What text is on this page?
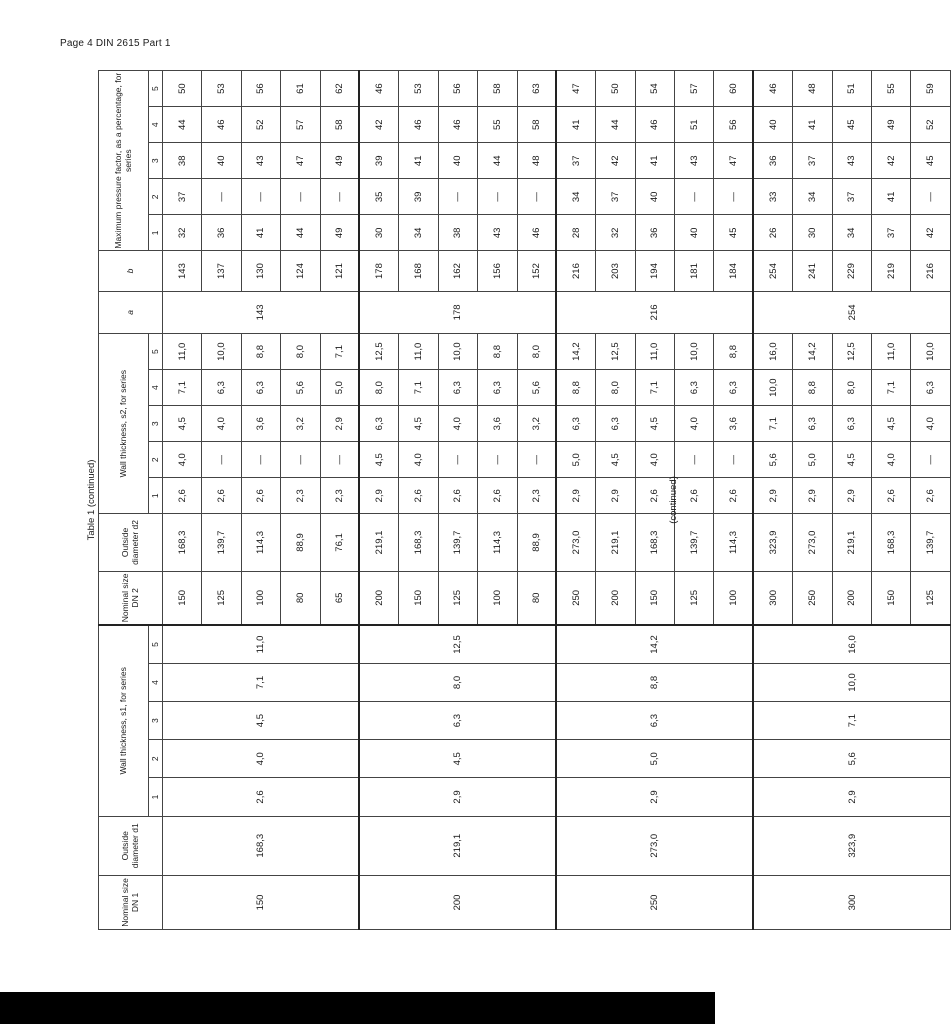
Page 4 DIN 2615 Part 1
Table 1 (continued)
Nominal size DN 1	Outside diameter d1	Wall thickness, s1, for series					Nominal size DN 2	Outside diameter d2	Wall thickness, s2, for series					a	b	Maximum pressure factor, as a percentage, for series				
		1	2	3	4	5			1	2	3	4	5			1	2	3	4	5
150	168,3	2,6	4,0	4,5	7,1	11,0	150	168,3	2,6	4,0	4,5	7,1	11,0	143	143	32	37	38	44	50
							125	139,7	2,6	—	4,0	6,3	10,0		137	36	—	40	46	53
							100	114,3	2,6	—	3,6	6,3	8,8		130	41	—	43	52	56
							80	88,9	2,3	—	3,2	5,6	8,0		124	44	—	47	57	61
							65	76,1	2,3	—	2,9	5,0	7,1		121	49	—	49	58	62
200	219,1	2,9	4,5	6,3	8,0	12,5	200	219,1	2,9	4,5	6,3	8,0	12,5	178	178	30	35	39	42	46
							150	168,3	2,6	4,0	4,5	7,1	11,0		168	34	39	41	46	53
							125	139,7	2,6	—	4,0	6,3	10,0		162	38	—	40	46	56
							100	114,3	2,6	—	3,6	6,3	8,8		156	43	—	44	55	58
							80	88,9	2,3	—	3,2	5,6	8,0		152	46	—	48	58	63
250	273,0	2,9	5,0	6,3	8,8	14,2	250	273,0	2,9	5,0	6,3	8,8	14,2	216	216	28	34	37	41	47
							200	219,1	2,9	4,5	6,3	8,0	12,5		203	32	37	42	44	50
							150	168,3	2,6	4,0	4,5	7,1	11,0		194	36	40	41	46	54
							125	139,7	2,6	—	4,0	6,3	10,0		181	40	—	43	51	57
							100	114,3	2,6	—	3,6	6,3	8,8		184	45	—	47	56	60
300	323,9	2,9	5,6	7,1	10,0	16,0	300	323,9	2,9	5,6	7,1	10,0	16,0	254	254	26	33	36	40	46
							250	273,0	2,9	5,0	6,3	8,8	14,2		241	30	34	37	41	48
							200	219,1	2,9	4,5	6,3	8,0	12,5		229	34	37	43	45	51
							150	168,3	2,6	4,0	4,5	7,1	11,0		219	37	41	42	49	55
							125	139,7	2,6	—	4,0	6,3	10,0		216	42	—	45	52	59
(continued)
